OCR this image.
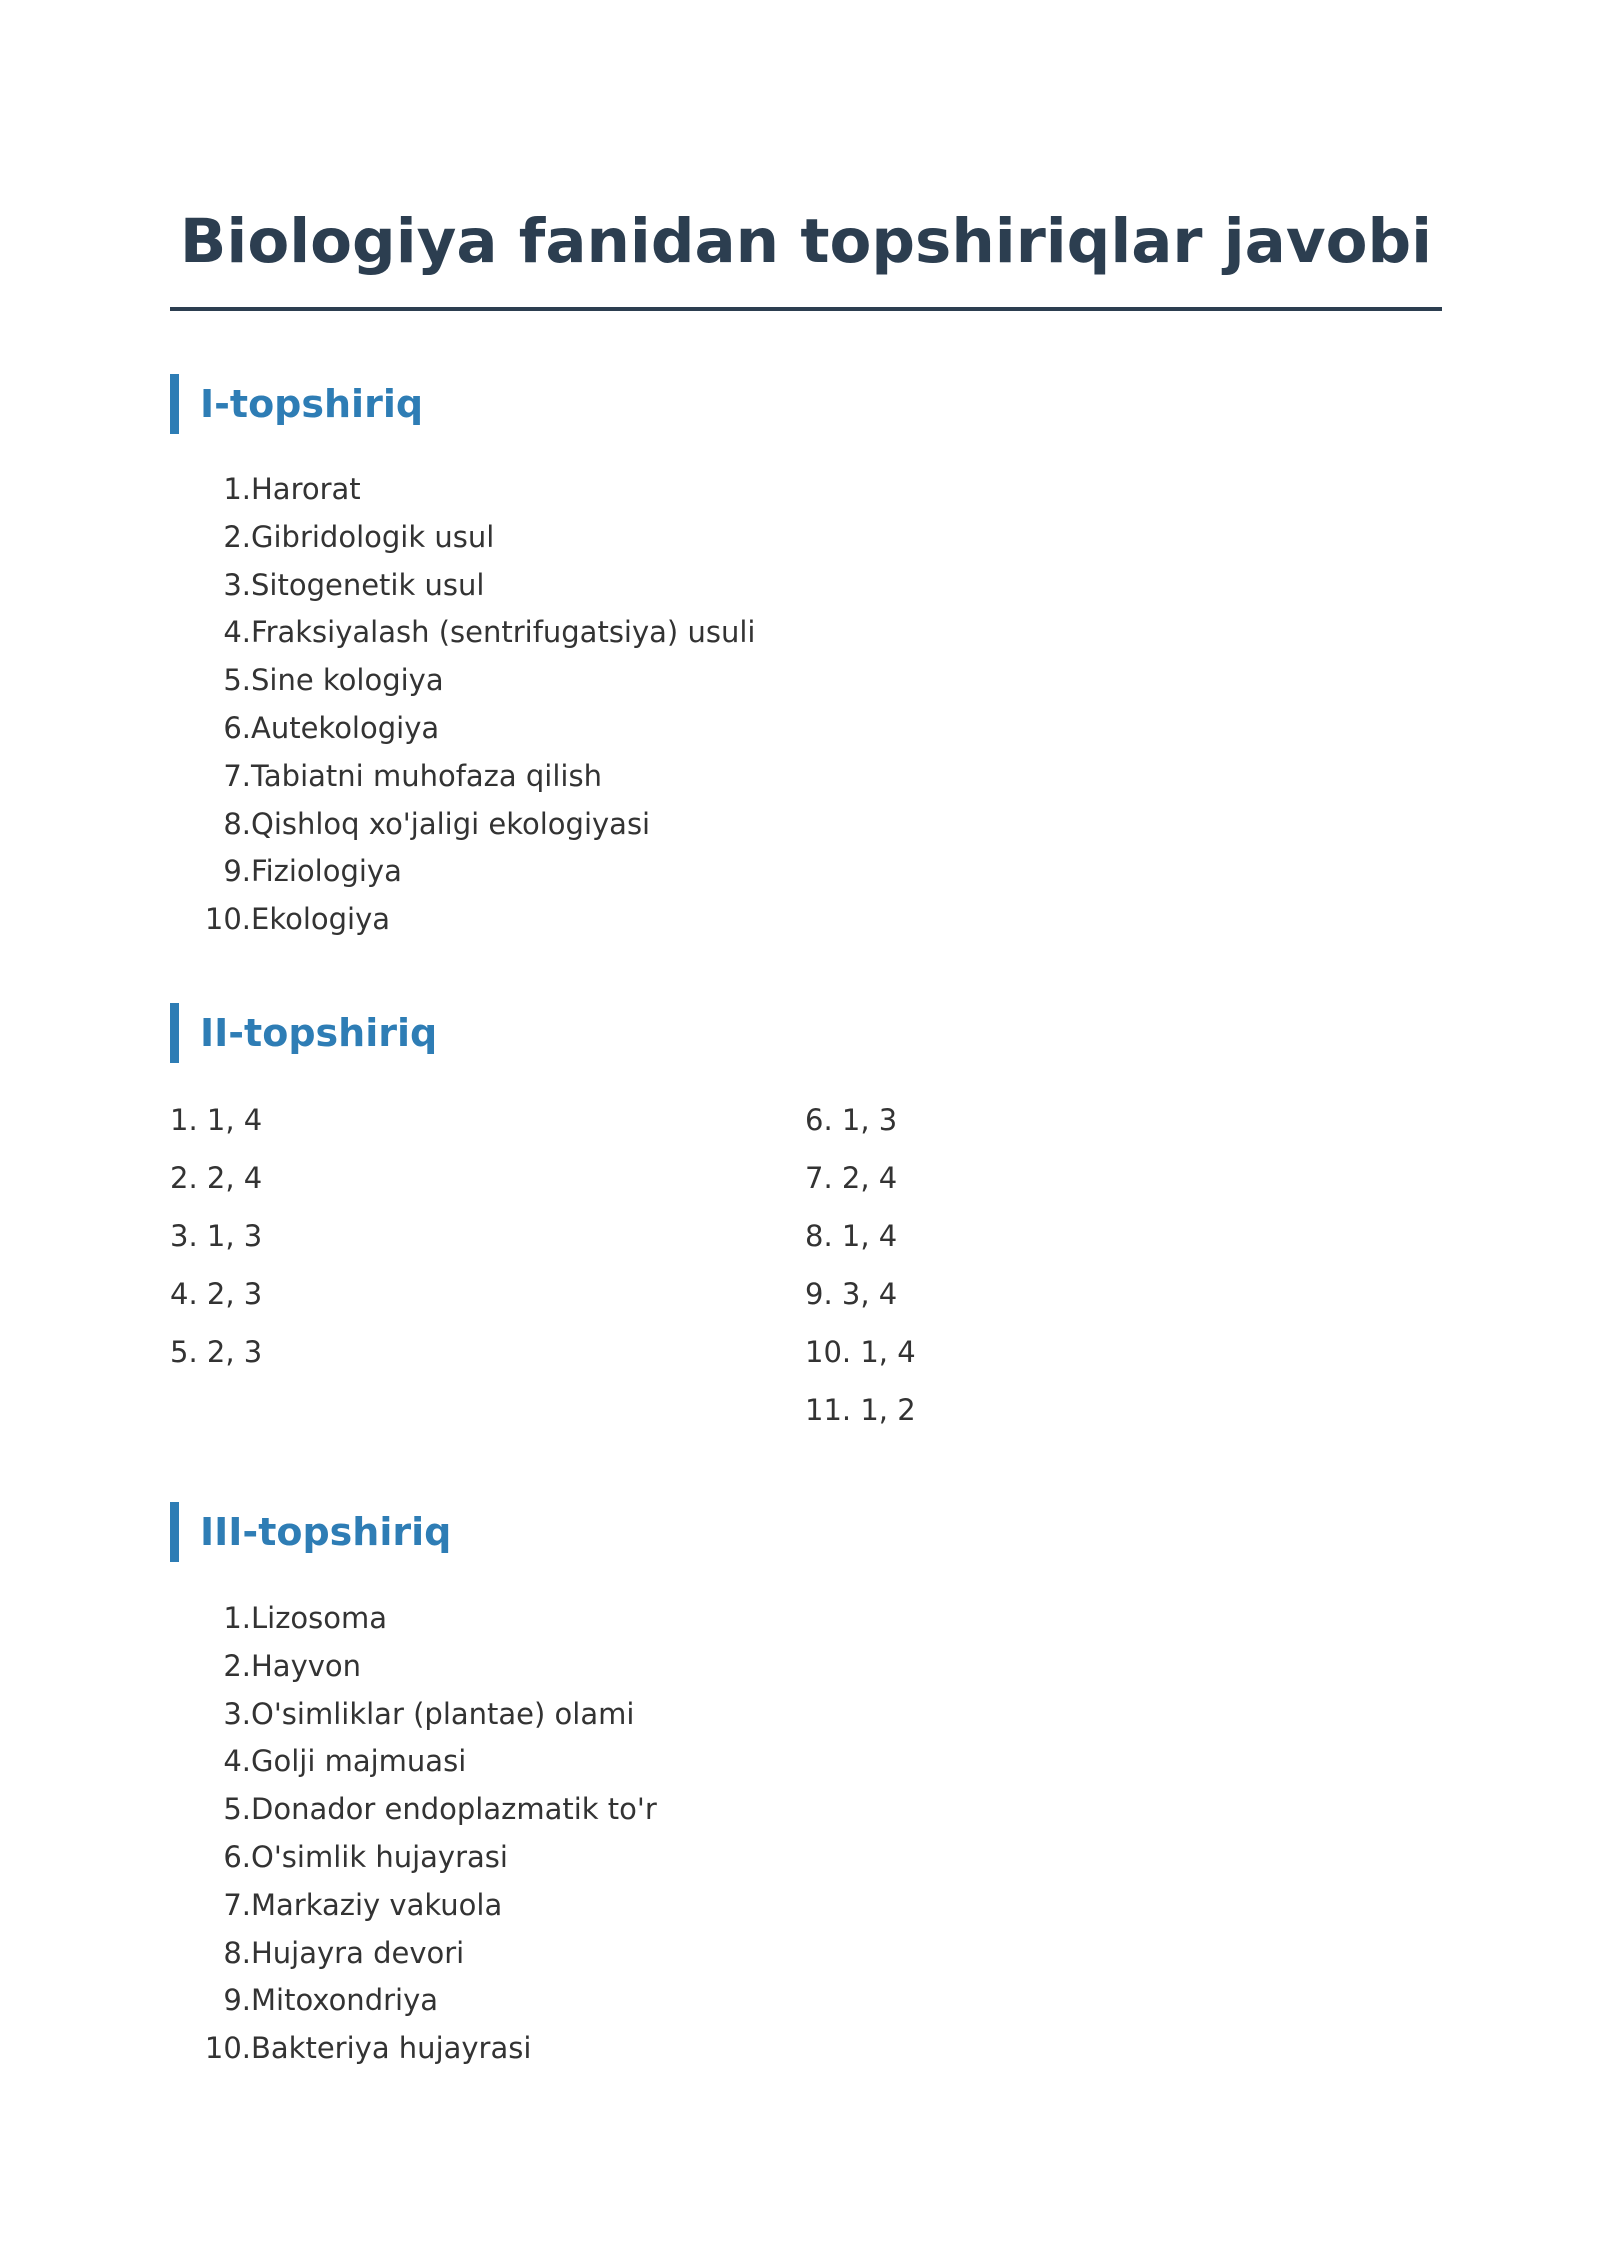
Biologiya fanidan topshiriqlar javobi
I-topshiriq
1. Harorat
2. Gibridologik usul
3. Sitogenetik usul
4. Fraksiyalash (sentrifugatsiya) usuli
5. Sine kologiya
6. Autekologiya
7. Tabiatni muhofaza qilish
8. Qishloq xo'jaligi ekologiyasi
9. Fiziologiya
10. Ekologiya
II-topshiriq
1. 1, 4
2. 2, 4
3. 1, 3
4. 2, 3
5. 2, 3
6. 1, 3
7. 2, 4
8. 1, 4
9. 3, 4
10. 1, 4
11. 1, 2
III-topshiriq
1. Lizosoma
2. Hayvon
3. O'simliklar (plantae) olami
4. Golji majmuasi
5. Donador endoplazmatik to'r
6. O'simlik hujayrasi
7. Markaziy vakuola
8. Hujayra devori
9. Mitoxondriya
10. Bakteriya hujayrasi
